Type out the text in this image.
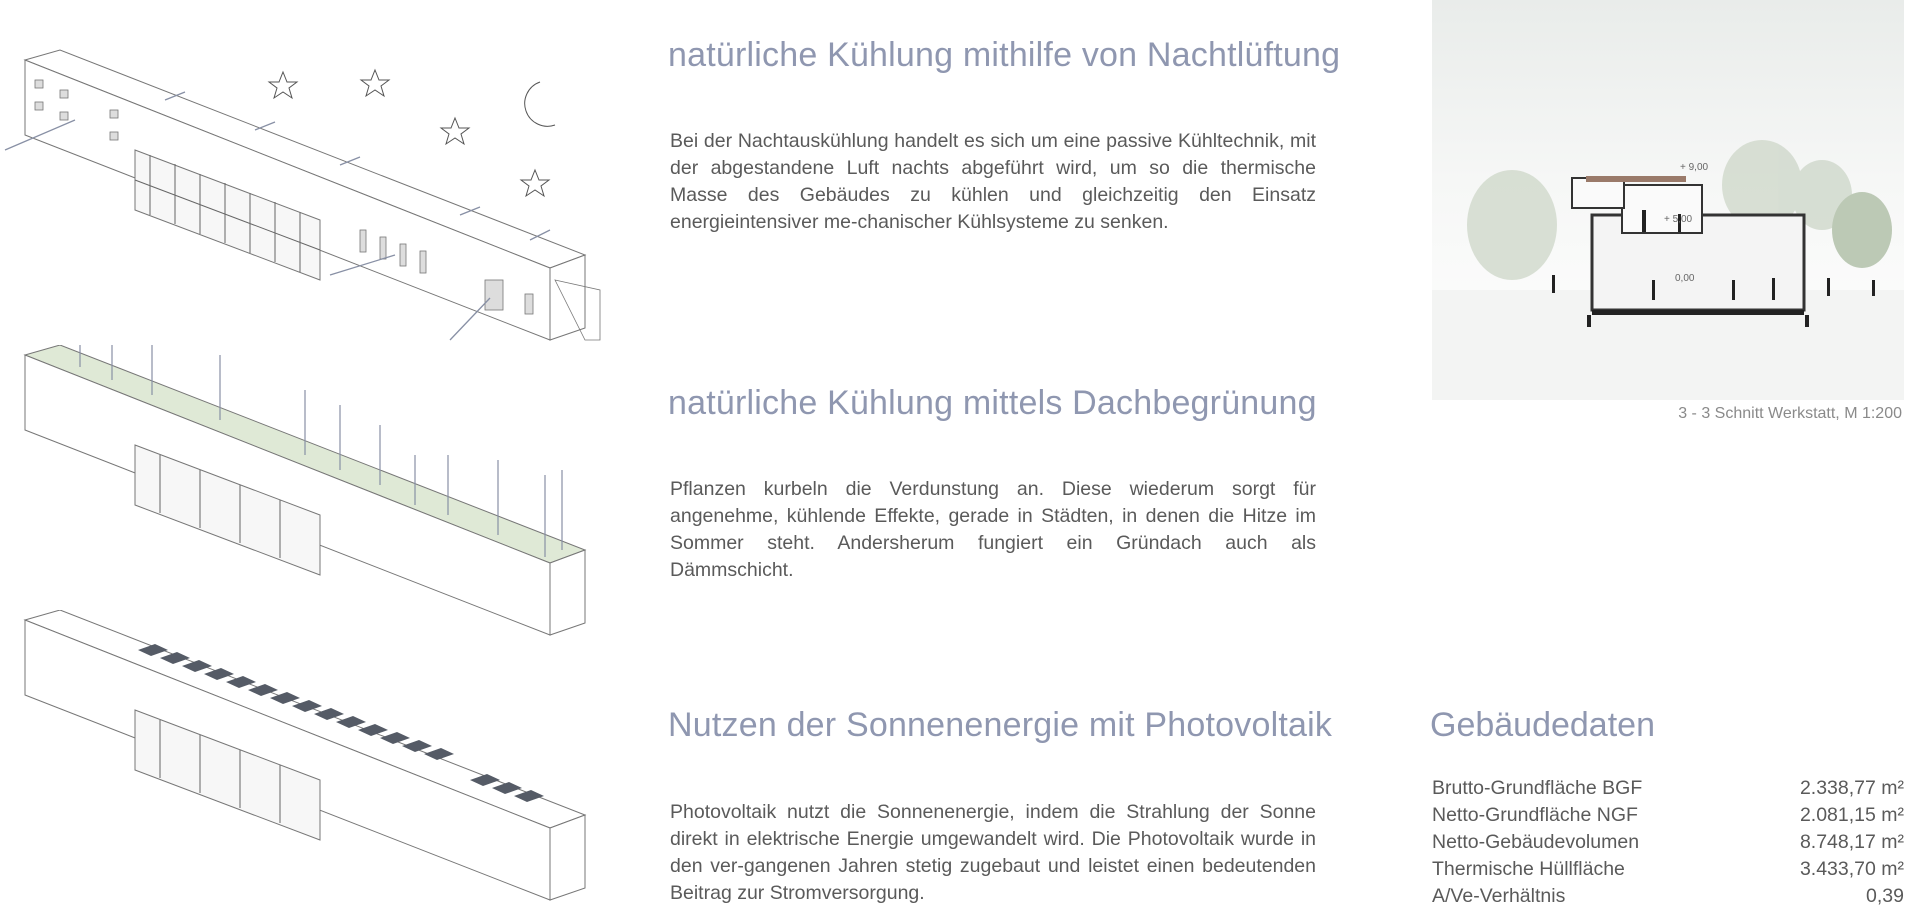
natürliche Kühlung mithilfe von Nachtlüftung

Bei der Nachtauskühlung handelt es sich um eine passive Kühltechnik, mit der abgestandene Luft nachts abgeführt wird, um so die thermische Masse des Gebäudes zu kühlen und gleichzeitig den Einsatz energieintensiver me-chanischer Kühlsysteme zu senken.

natürliche Kühlung mittels Dachbegrünung

Pflanzen kurbeln die Verdunstung an. Diese wiederum sorgt für angenehme, kühlende Effekte, gerade in Städten, in denen die Hitze im Sommer steht. Andersherum fungiert ein Gründach auch als Dämmschicht.

Nutzen der Sonnenenergie mit Photovoltaik

Photovoltaik nutzt die Sonnenenergie, indem die Strahlung der Sonne direkt in elektrische Energie umgewandelt wird. Die Photovoltaik wurde in den ver-gangenen Jahren stetig zugebaut und leistet einen bedeutenden Beitrag zur Stromversorgung.

+ 9,00
+ 5,00
0,00

3 - 3 Schnitt Werkstatt, M 1:200

Gebäudedaten
Brutto-Grundfläche BGF	2.338,77 m²
Netto-Grundfläche NGF	2.081,15 m²
Netto-Gebäudevolumen	8.748,17 m²
Thermische Hüllfläche	3.433,70 m²
A/Ve-Verhältnis	0,39
